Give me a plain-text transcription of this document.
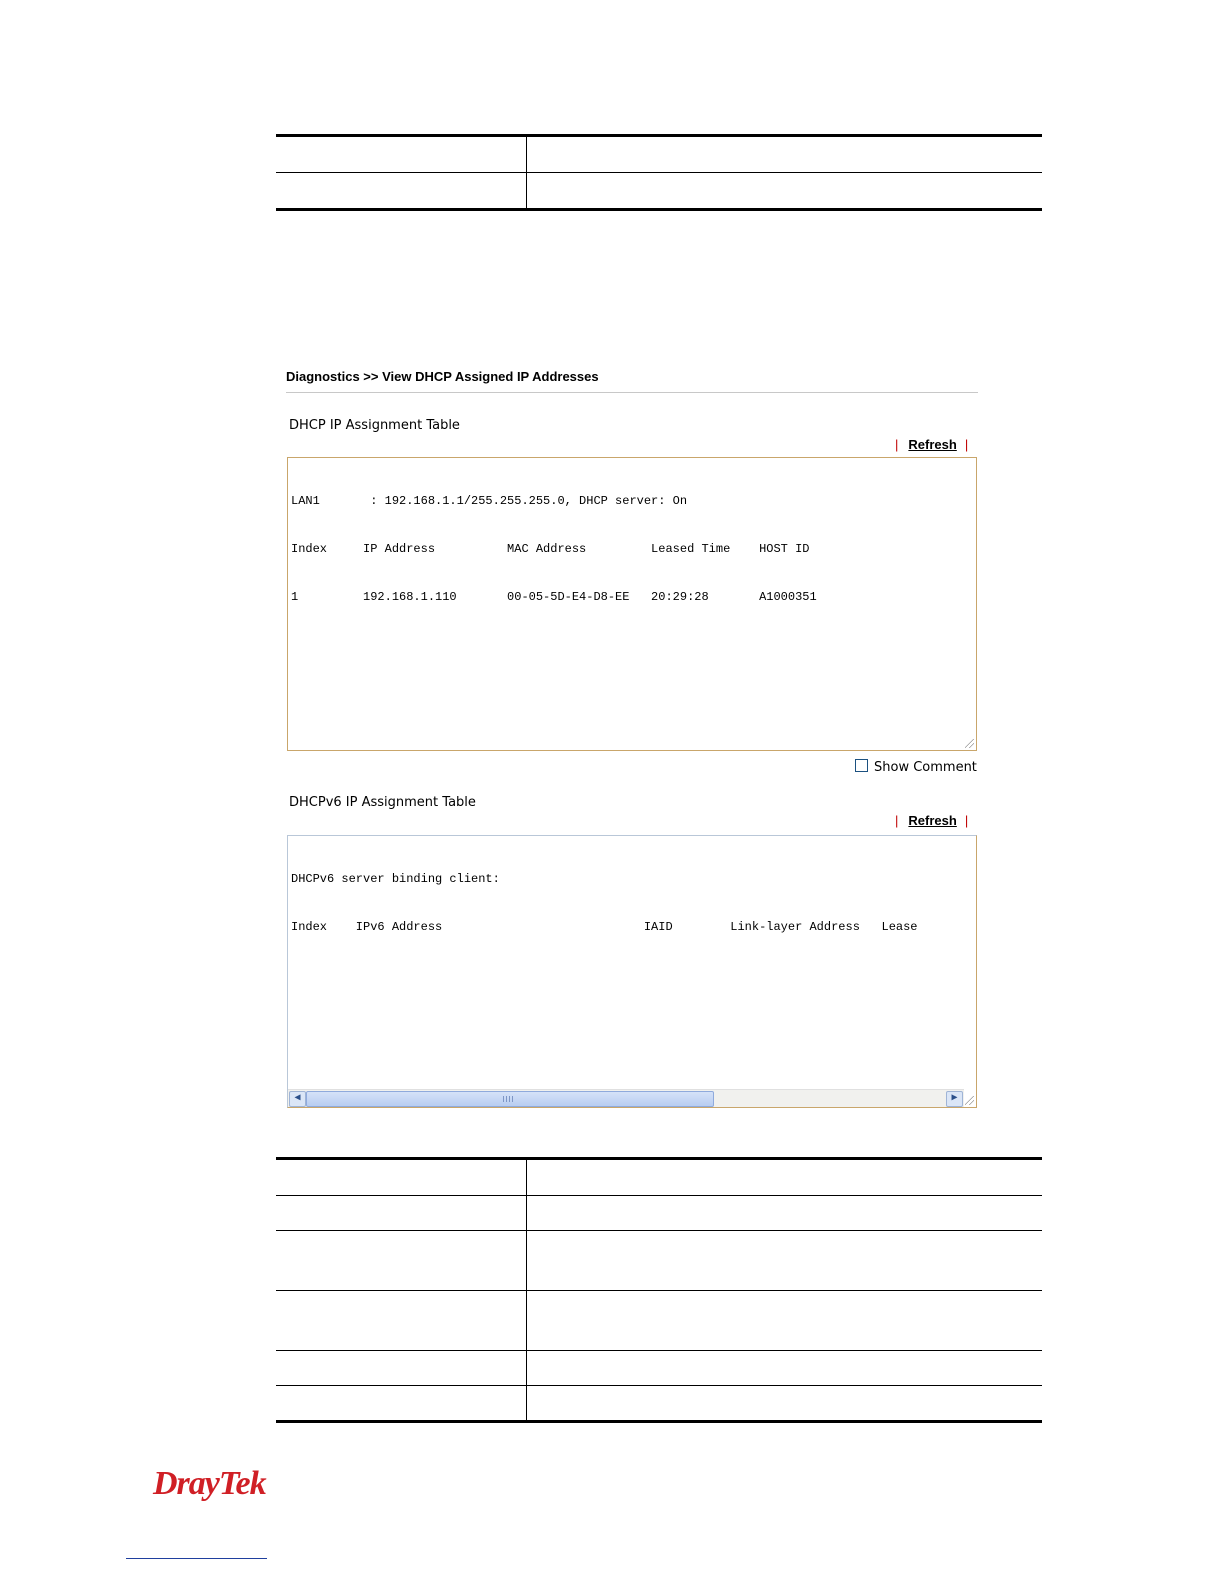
Diagnostics >> View DHCP Assigned IP Addresses
DHCP IP Assignment Table
| Refresh |

LAN1       : 192.168.1.1/255.255.255.0, DHCP server: On

Index     IP Address          MAC Address         Leased Time    HOST ID

1         192.168.1.110       00-05-5D-E4-D8-EE   20:29:28       A1000351

Show Comment
DHCPv6 IP Assignment Table
| Refresh |

DHCPv6 server binding client:

Index    IPv6 Address                            IAID        Link-layer Address   Lease

◀

	▶

DrayTek
